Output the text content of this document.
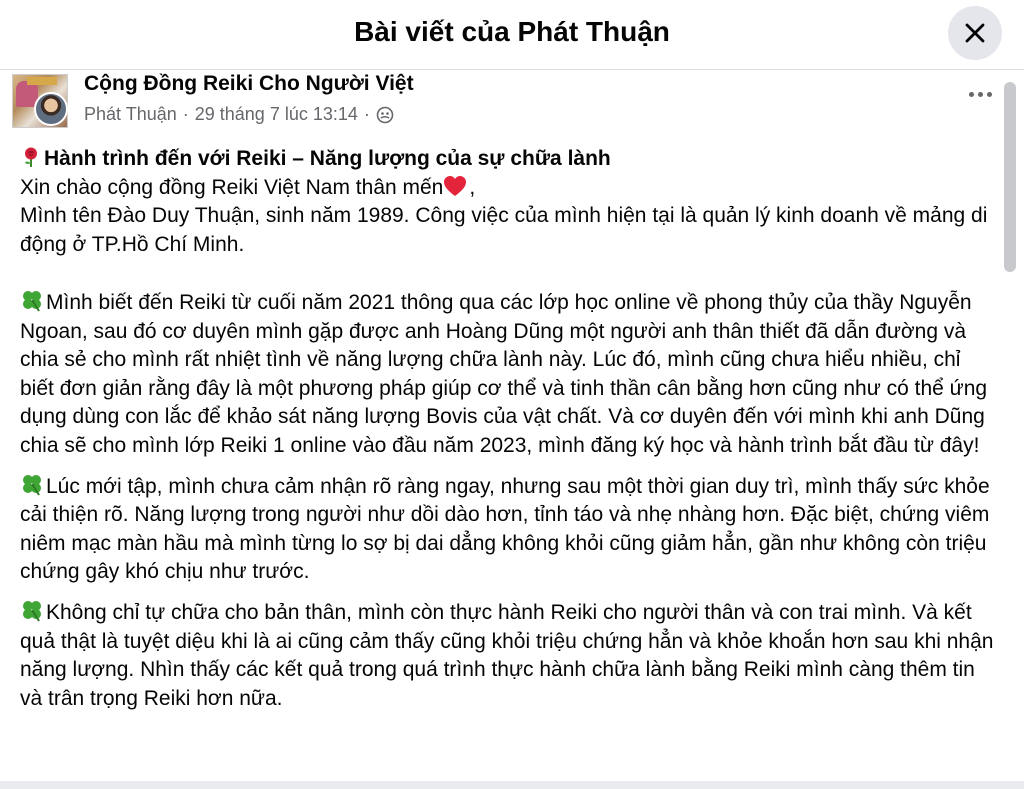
Bài viết của Phát Thuận
Cộng Đồng Reiki Cho Người Việt
Phát Thuận · 29 tháng 7 lúc 13:14 ·

Hành trình đến với Reiki – Năng lượng của sự chữa lành

Xin chào cộng đồng Reiki Việt Nam thân mến ,

Mình tên Đào Duy Thuận, sinh năm 1989. Công việc của mình hiện tại là quản lý kinh doanh về mảng di động ở TP.Hồ Chí Minh.

Mình biết đến Reiki từ cuối năm 2021 thông qua các lớp học online về phong thủy của thầy Nguyễn Ngoan, sau đó cơ duyên mình gặp được anh Hoàng Dũng một người anh thân thiết đã dẫn đường và chia sẻ cho mình rất nhiệt tình về năng lượng chữa lành này. Lúc đó, mình cũng chưa hiểu nhiều, chỉ biết đơn giản rằng đây là một phương pháp giúp cơ thể và tinh thần cân bằng hơn cũng như có thể ứng dụng dùng con lắc để khảo sát năng lượng Bovis của vật chất. Và cơ duyên đến với mình khi anh Dũng chia sẽ cho mình lớp Reiki 1 online vào đầu năm 2023, mình đăng ký học và hành trình bắt đầu từ đây!

Lúc mới tập, mình chưa cảm nhận rõ ràng ngay, nhưng sau một thời gian duy trì, mình thấy sức khỏe cải thiện rõ. Năng lượng trong người như dồi dào hơn, tỉnh táo và nhẹ nhàng hơn. Đặc biệt, chứng viêm niêm mạc màn hầu mà mình từng lo sợ bị dai dẳng không khỏi cũng giảm hẳn, gần như không còn triệu chứng gây khó chịu như trước.

Không chỉ tự chữa cho bản thân, mình còn thực hành Reiki cho người thân và con trai mình. Và kết quả thật là tuyệt diệu khi là ai cũng cảm thấy cũng khỏi triệu chứng hẳn và khỏe khoắn hơn sau khi nhận năng lượng. Nhìn thấy các kết quả trong quá trình thực hành chữa lành bằng Reiki mình càng thêm tin và trân trọng Reiki hơn nữa.
